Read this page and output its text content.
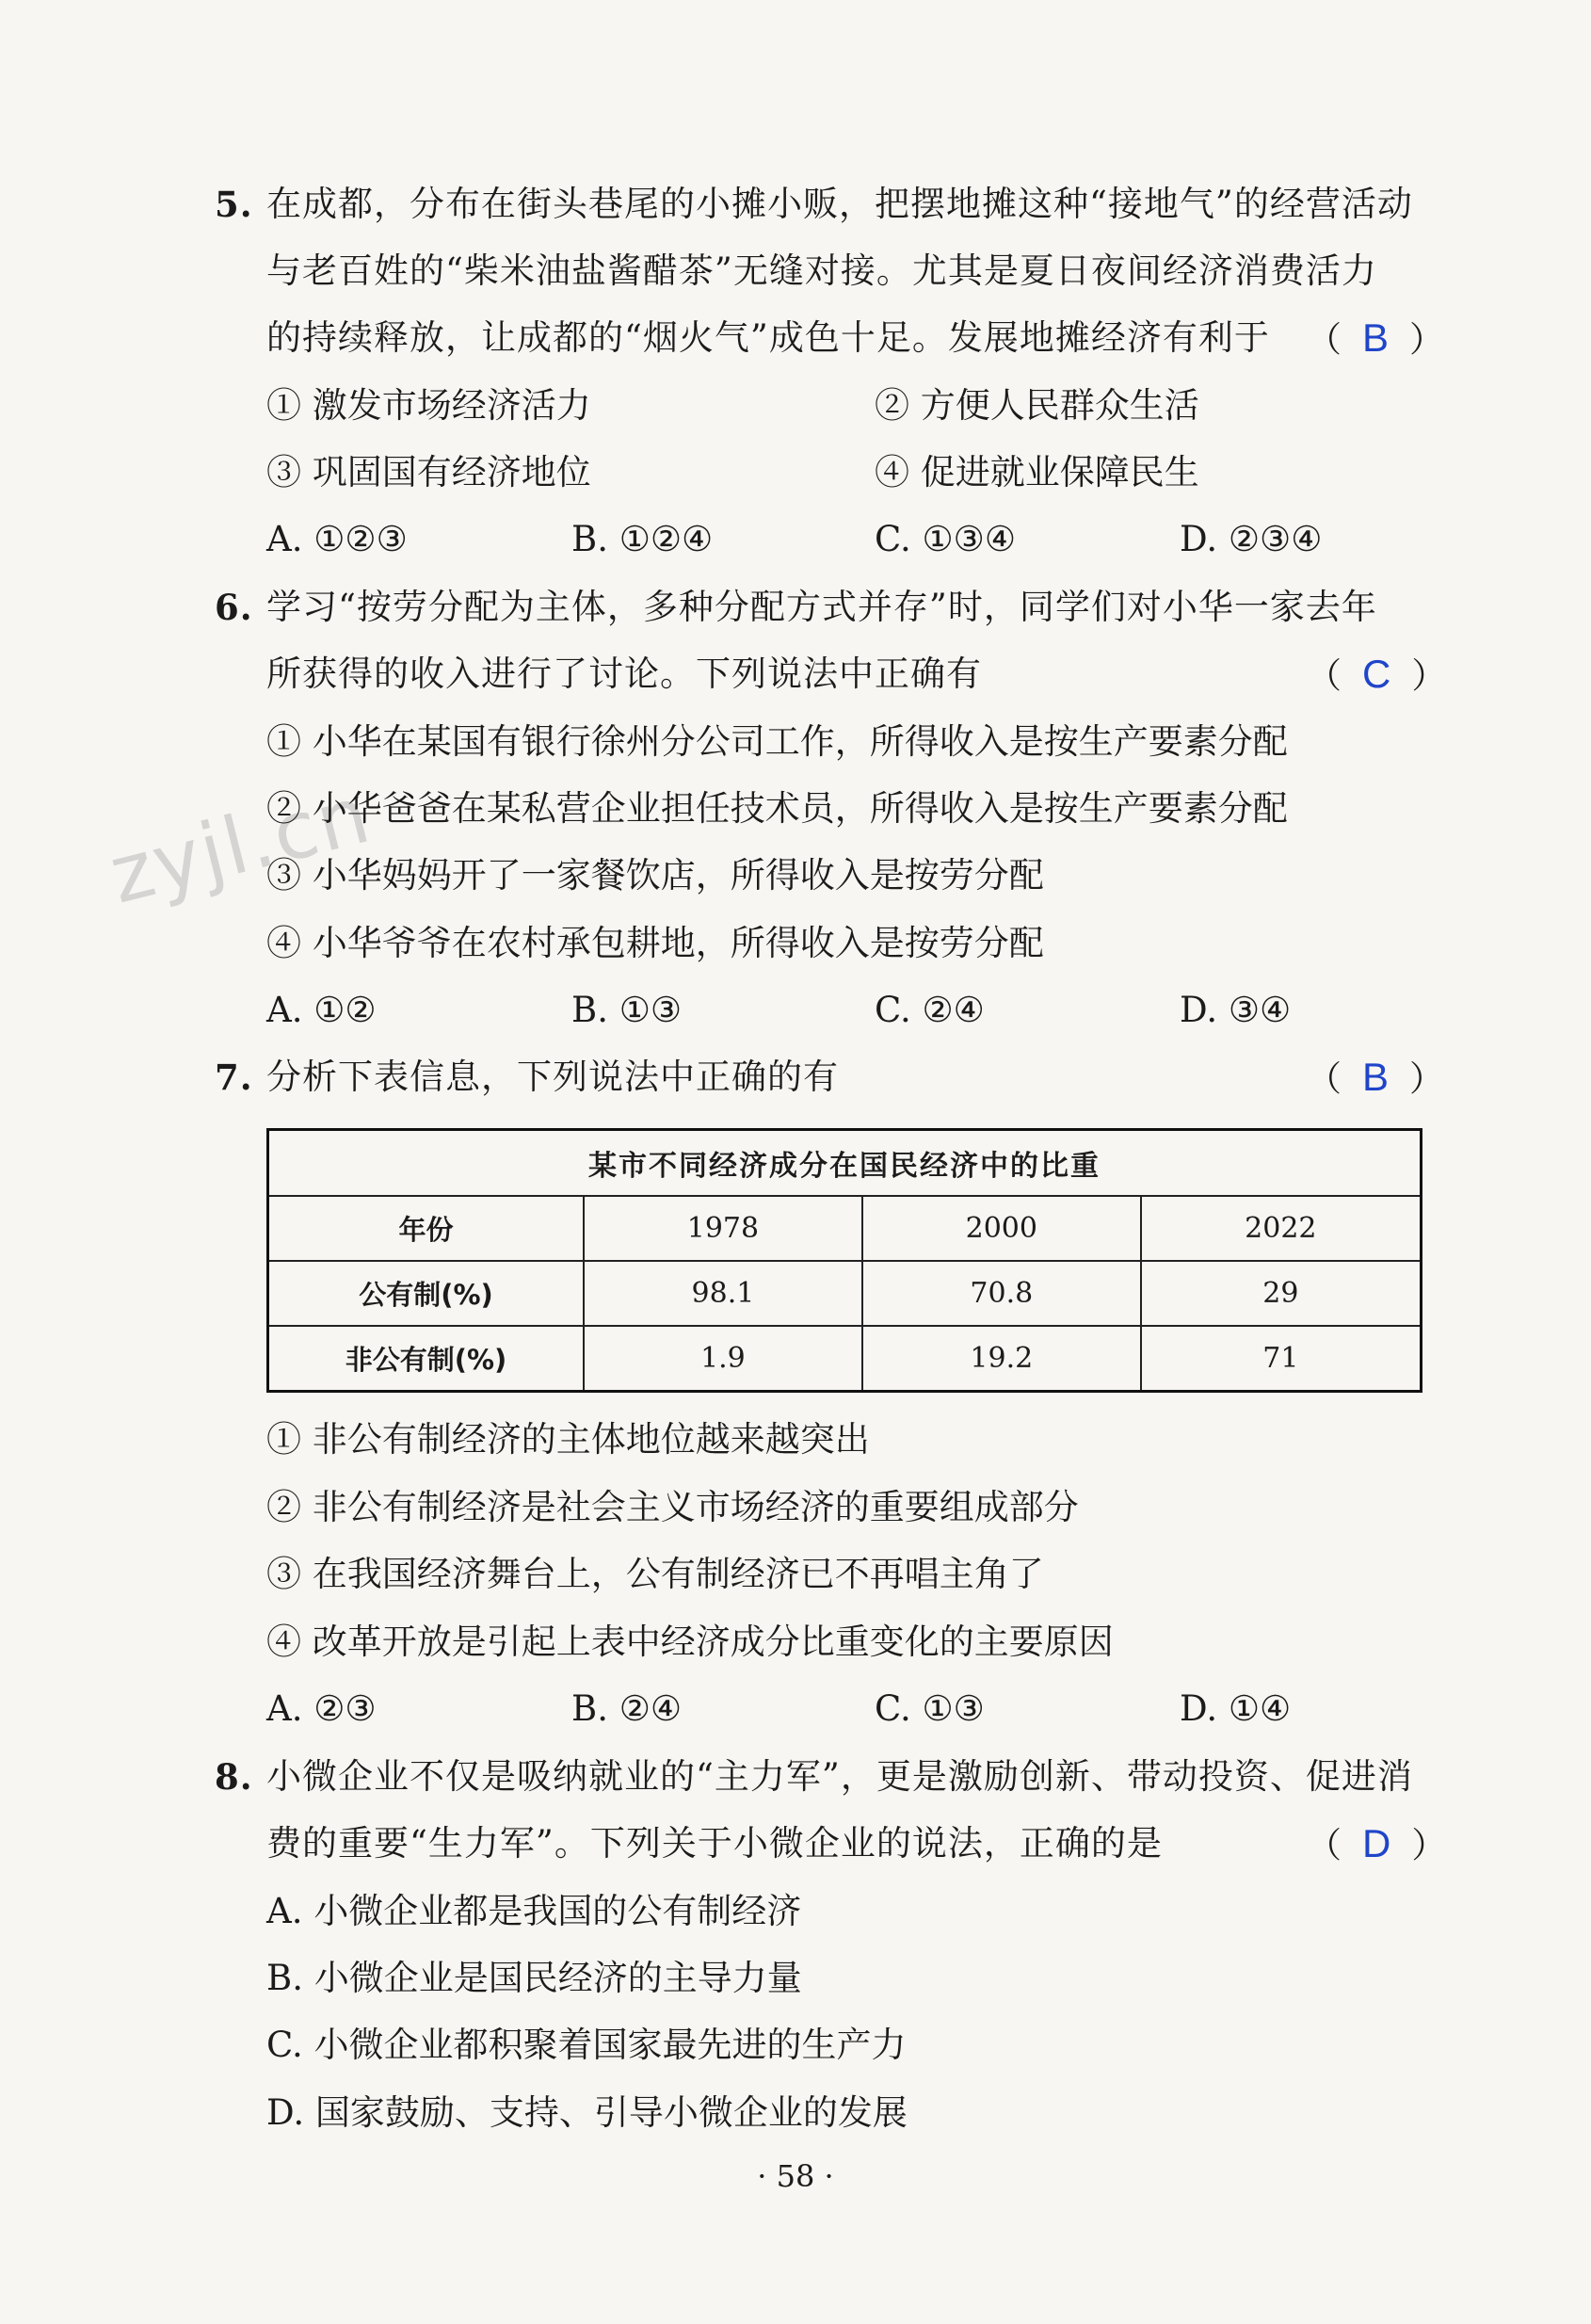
zyjl.cn
5. 在成都，分布在街头巷尾的小摊小贩，把摆地摊这种“接地气”的经营活动
与老百姓的“柴米油盐酱醋茶”无缝对接。尤其是夏日夜间经济消费活力
的持续释放，让成都的“烟火气”成色十足。发展地摊经济有利于 （ B ）
① 激发市场经济活力	② 方便人民群众生活
③ 巩固国有经济地位	④ 促进就业保障民生
A. ①②③	B. ①②④	C. ①③④	D. ②③④
6. 学习“按劳分配为主体，多种分配方式并存”时，同学们对小华一家去年
所获得的收入进行了讨论。下列说法中正确有	（ C ）
① 小华在某国有银行徐州分公司工作，所得收入是按生产要素分配
② 小华爸爸在某私营企业担任技术员，所得收入是按生产要素分配
③ 小华妈妈开了一家餐饮店，所得收入是按劳分配
④ 小华爷爷在农村承包耕地，所得收入是按劳分配
A. ①②	B. ①③	C. ②④	D. ③④
7. 分析下表信息，下列说法中正确的有	（ B ）
某市不同经济成分在国民经济中的比重			
年份	1978	2000	2022
公有制(%)	98.1	70.8	29
非公有制(%)	1.9	19.2	71
① 非公有制经济的主体地位越来越突出
② 非公有制经济是社会主义市场经济的重要组成部分
③ 在我国经济舞台上，公有制经济已不再唱主角了
④ 改革开放是引起上表中经济成分比重变化的主要原因
A. ②③	B. ②④	C. ①③	D. ①④
8. 小微企业不仅是吸纳就业的“主力军”，更是激励创新、带动投资、促进消
费的重要“生力军”。下列关于小微企业的说法，正确的是	（ D ）
A. 小微企业都是我国的公有制经济
B. 小微企业是国民经济的主导力量
C. 小微企业都积聚着国家最先进的生产力
D. 国家鼓励、支持、引导小微企业的发展
· 58 ·
